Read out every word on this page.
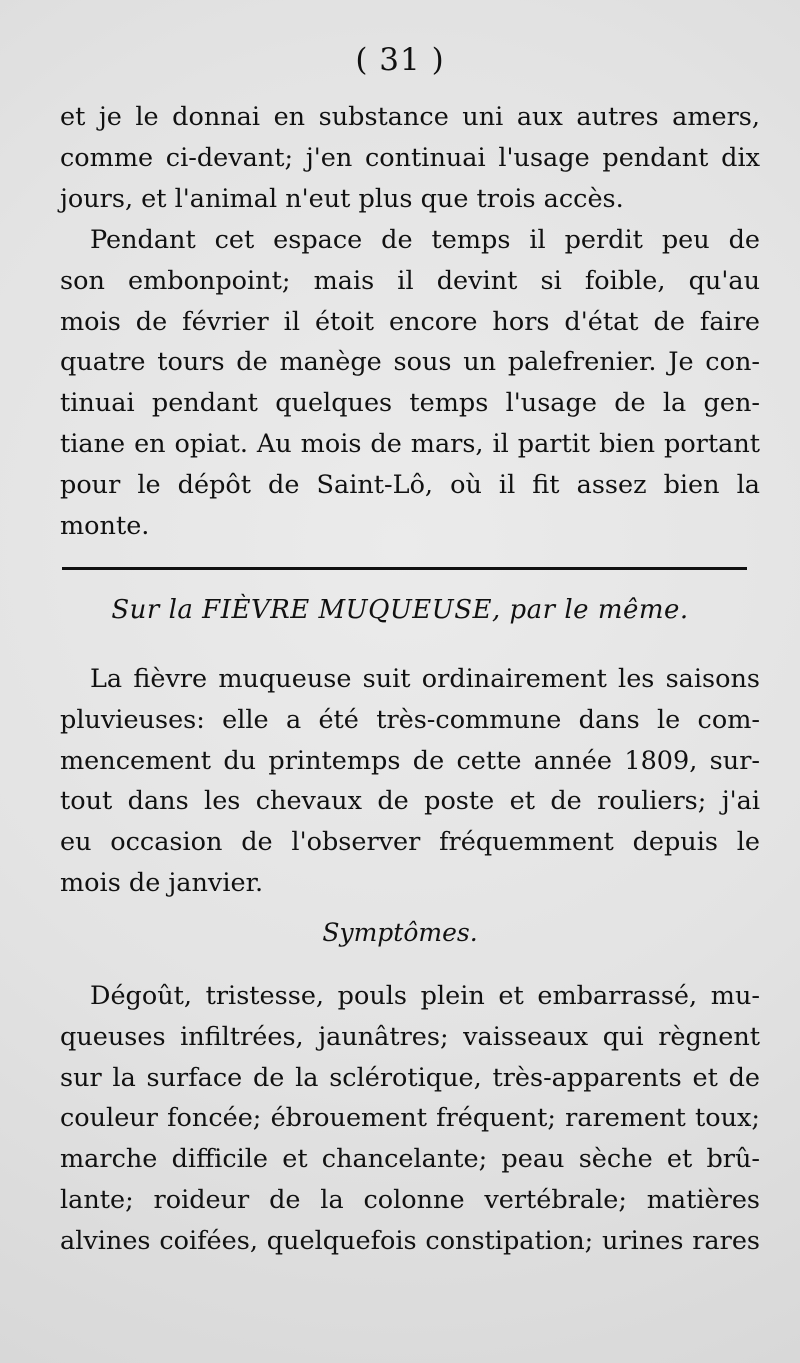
( 31 )
et je le donnai en substance uni aux autres amers,
comme ci-devant; j'en continuai l'usage pendant dix
jours, et l'animal n'eut plus que trois accès.
Pendant cet espace de temps il perdit peu de
son embonpoint; mais il devint si foible, qu'au
mois de février il étoit encore hors d'état de faire
quatre tours de manège sous un palefrenier. Je con-
tinuai pendant quelques temps l'usage de la gen-
tiane en opiat. Au mois de mars, il partit bien portant
pour le dépôt de Saint-Lô, où il fit assez bien la
monte.
Sur la FIÈVRE MUQUEUSE, par le même.
La fièvre muqueuse suit ordinairement les saisons
pluvieuses: elle a été très-commune dans le com-
mencement du printemps de cette année 1809, sur-
tout dans les chevaux de poste et de rouliers; j'ai
eu occasion de l'observer fréquemment depuis le
mois de janvier.
Symptômes.
Dégoût, tristesse, pouls plein et embarrassé, mu-
queuses infiltrées, jaunâtres; vaisseaux qui règnent
sur la surface de la sclérotique, très-apparents et de
couleur foncée; ébrouement fréquent; rarement toux;
marche difficile et chancelante; peau sèche et brû-
lante; roideur de la colonne vertébrale; matières
alvines coifées, quelquefois constipation; urines rares
